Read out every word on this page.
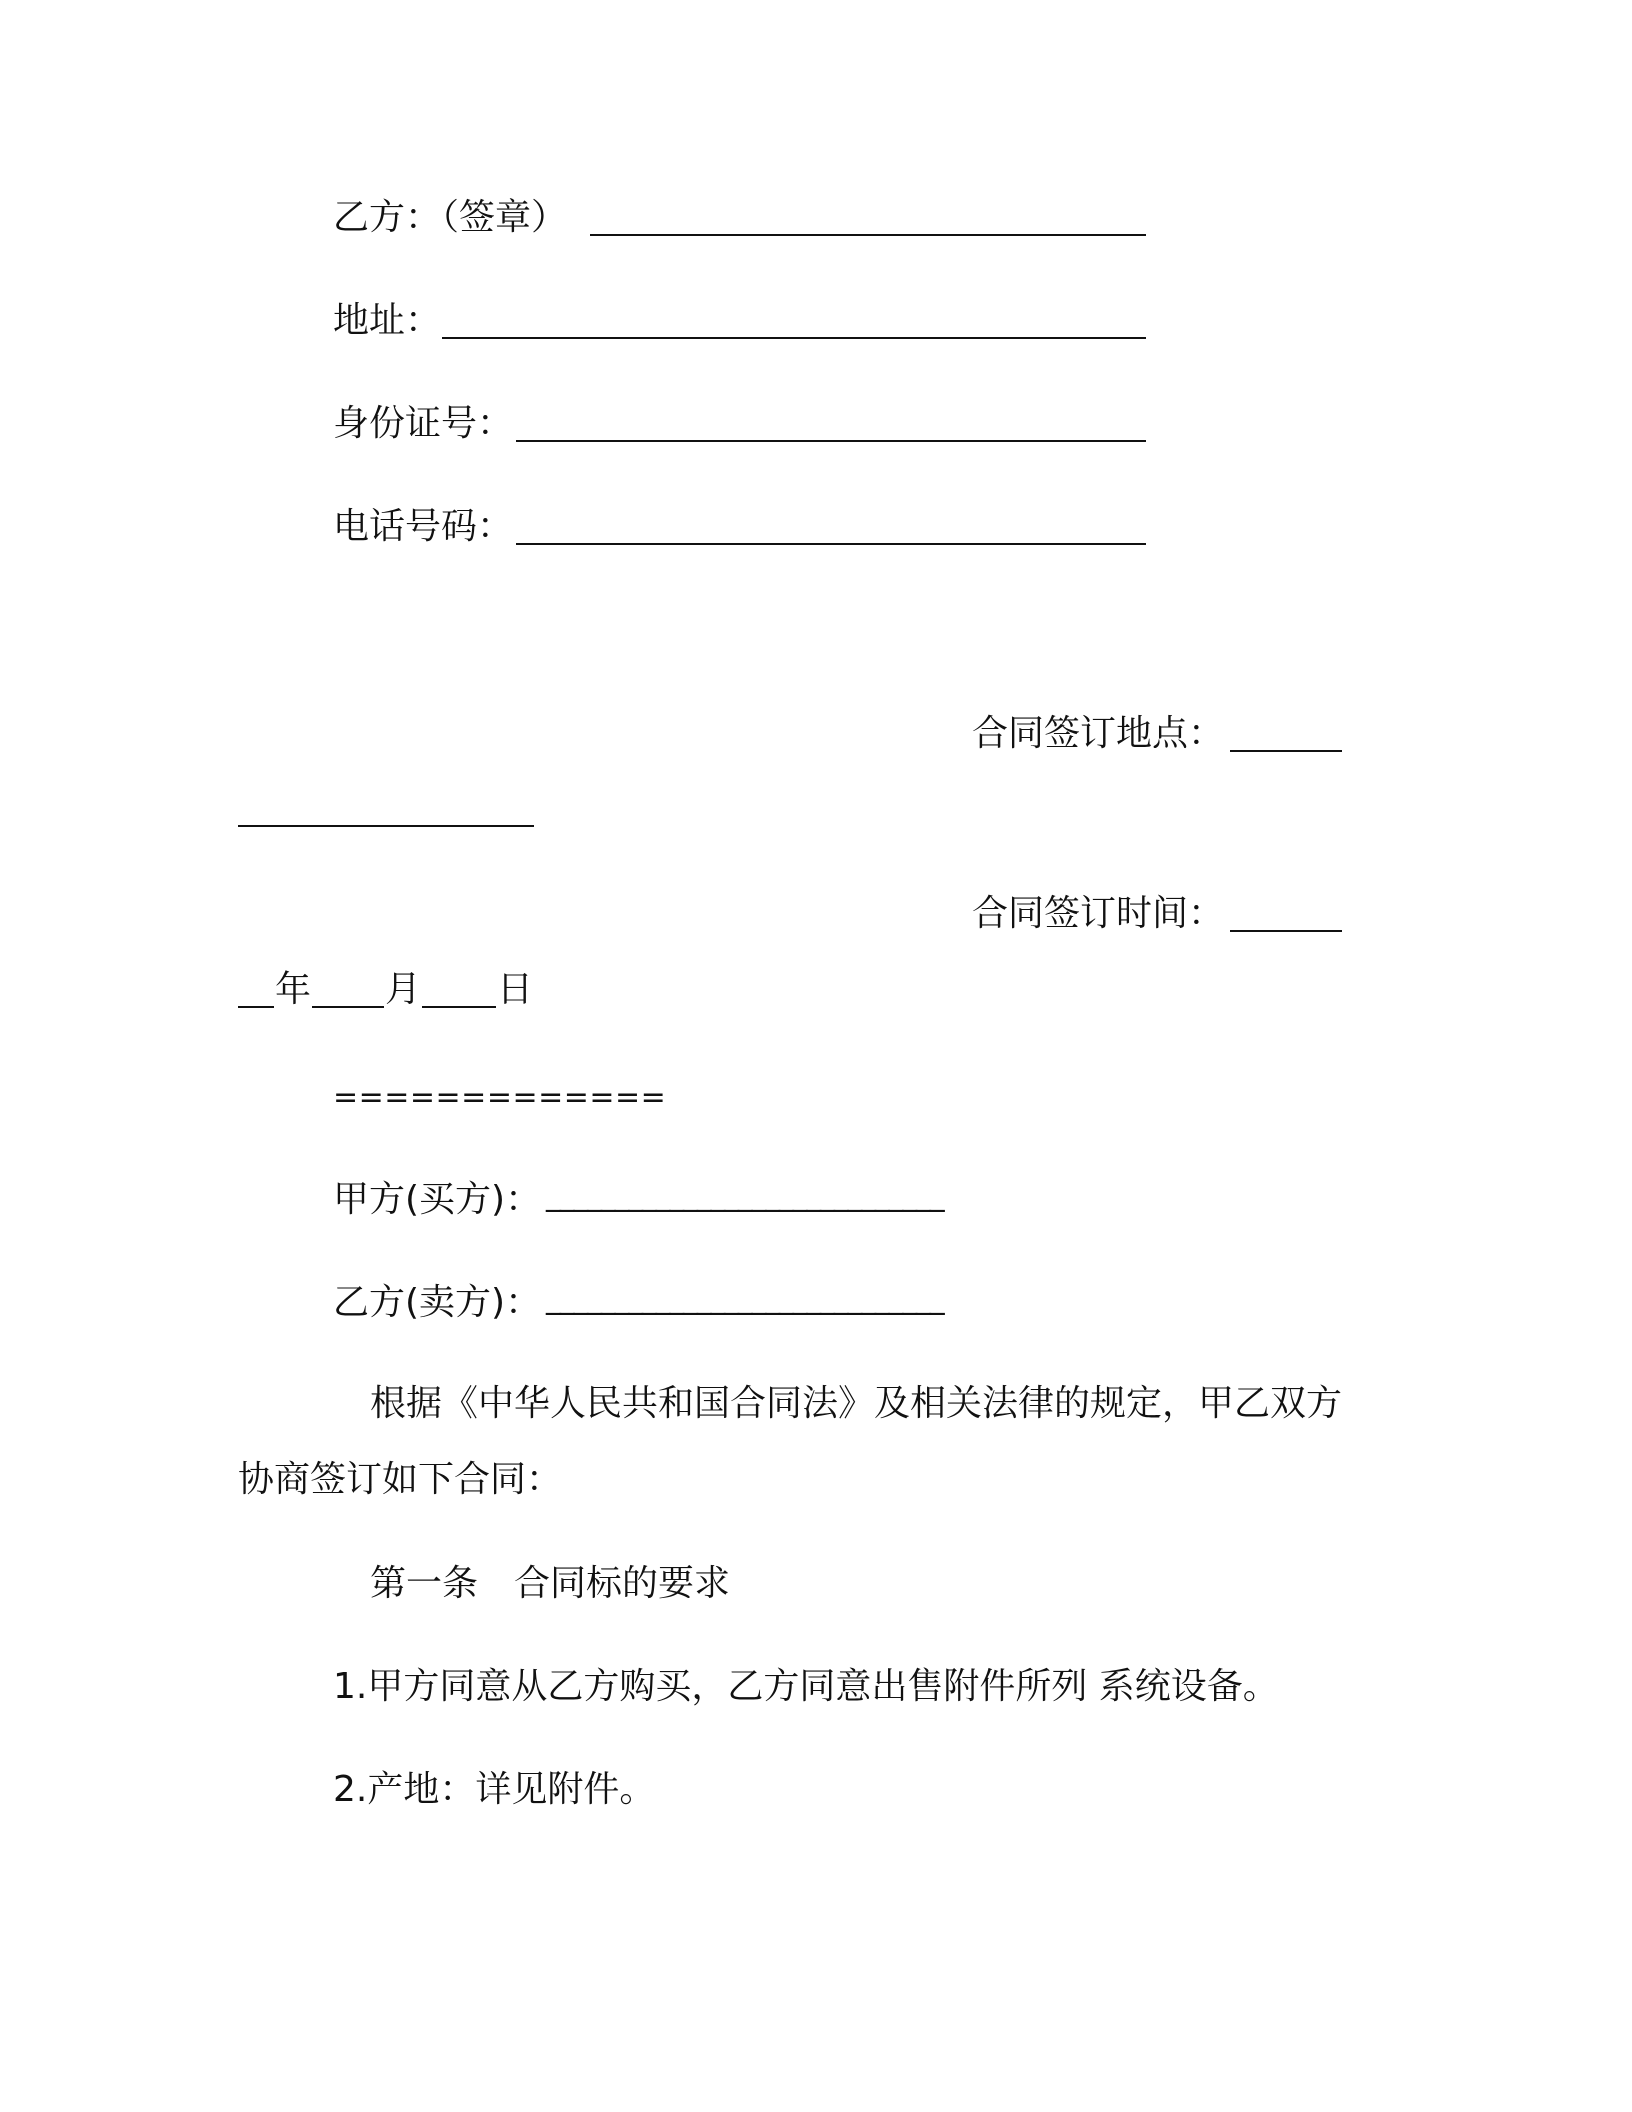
乙方：（签章）
地址：
身份证号：
电话号码：
合同签订地点：
合同签订时间：
年 月 日
=============
甲方(买方)： _____________________________
乙方(卖方)： _____________________________
根据《中华人民共和国合同法》及相关法律的规定，甲乙双方
协商签订如下合同：
第一条 合同标的要求
1.甲方同意从乙方购买，乙方同意出售附件所列 系统设备。
2.产地：详见附件。
